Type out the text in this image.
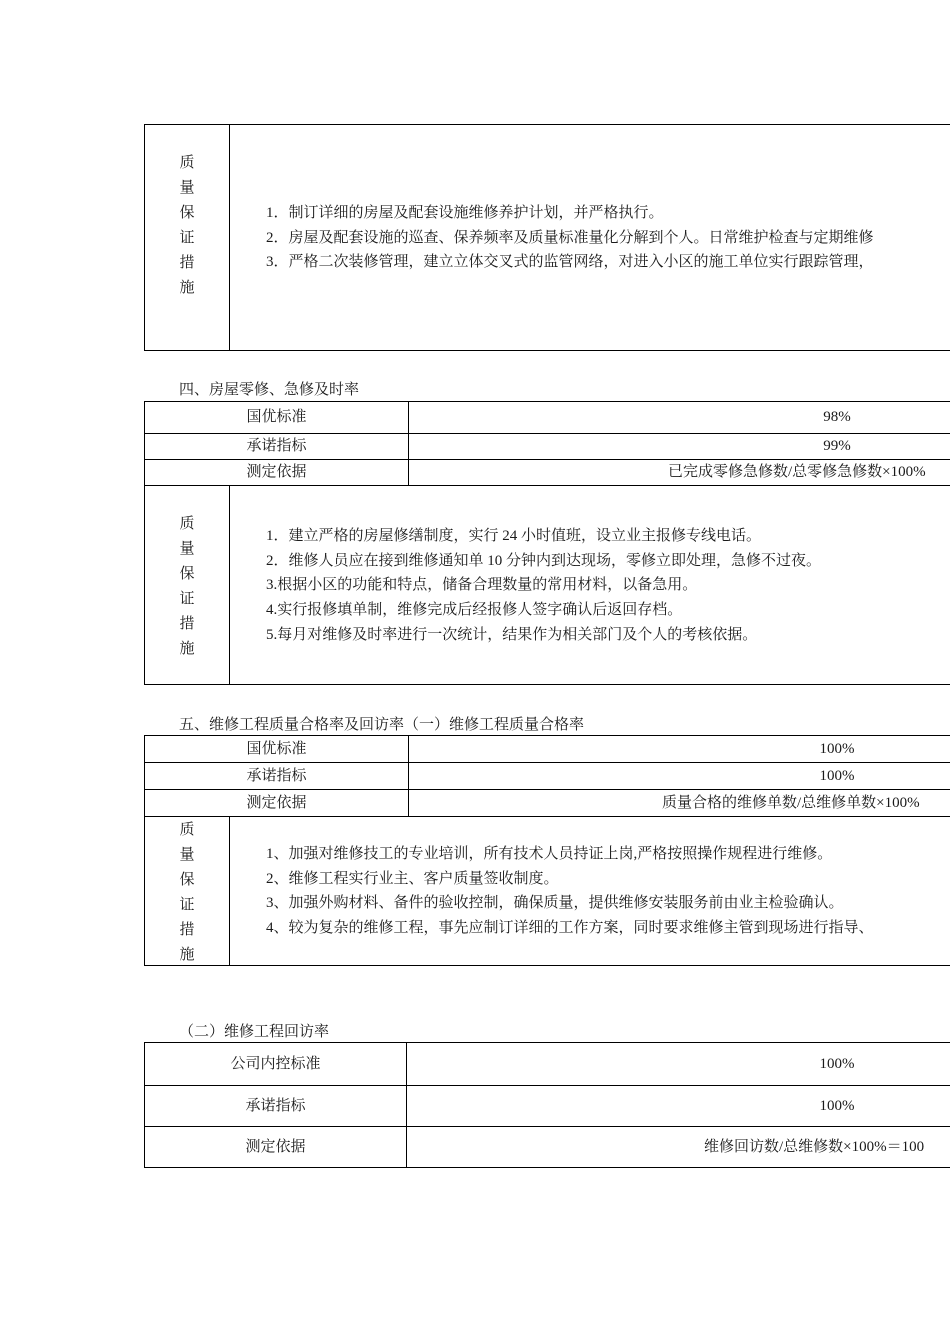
质
量
保
证
措
施
1．制订详细的房屋及配套设施维修养护计划，并严格执行。
2．房屋及配套设施的巡查、保养频率及质量标准量化分解到个人。日常维护检查与定期维修
3．严格二次装修管理，建立立体交叉式的监管网络，对进入小区的施工单位实行跟踪管理，
四、房屋零修、急修及时率
国优标准	98%
承诺指标	99%
测定依据	已完成零修急修数/总零修急修数×100%
质
量
保
证
措
施
1．建立严格的房屋修缮制度，实行 24 小时值班，设立业主报修专线电话。
2．维修人员应在接到维修通知单 10 分钟内到达现场，零修立即处理，急修不过夜。
3.根据小区的功能和特点，储备合理数量的常用材料，以备急用。
4.实行报修填单制，维修完成后经报修人签字确认后返回存档。
5.每月对维修及时率进行一次统计，结果作为相关部门及个人的考核依据。
五、维修工程质量合格率及回访率（一）维修工程质量合格率
国优标准	100%
承诺指标	100%
测定依据	质量合格的维修单数/总维修单数×100%
质
量
保
证
措
施
1、加强对维修技工的专业培训，所有技术人员持证上岗,严格按照操作规程进行维修。
2、维修工程实行业主、客户质量签收制度。
3、加强外购材料、备件的验收控制，确保质量，提供维修安装服务前由业主检验确认。
4、较为复杂的维修工程，事先应制订详细的工作方案，同时要求维修主管到现场进行指导、
（二）维修工程回访率
公司内控标准	100%
承诺指标	100%
测定依据	维修回访数/总维修数×100%＝100
